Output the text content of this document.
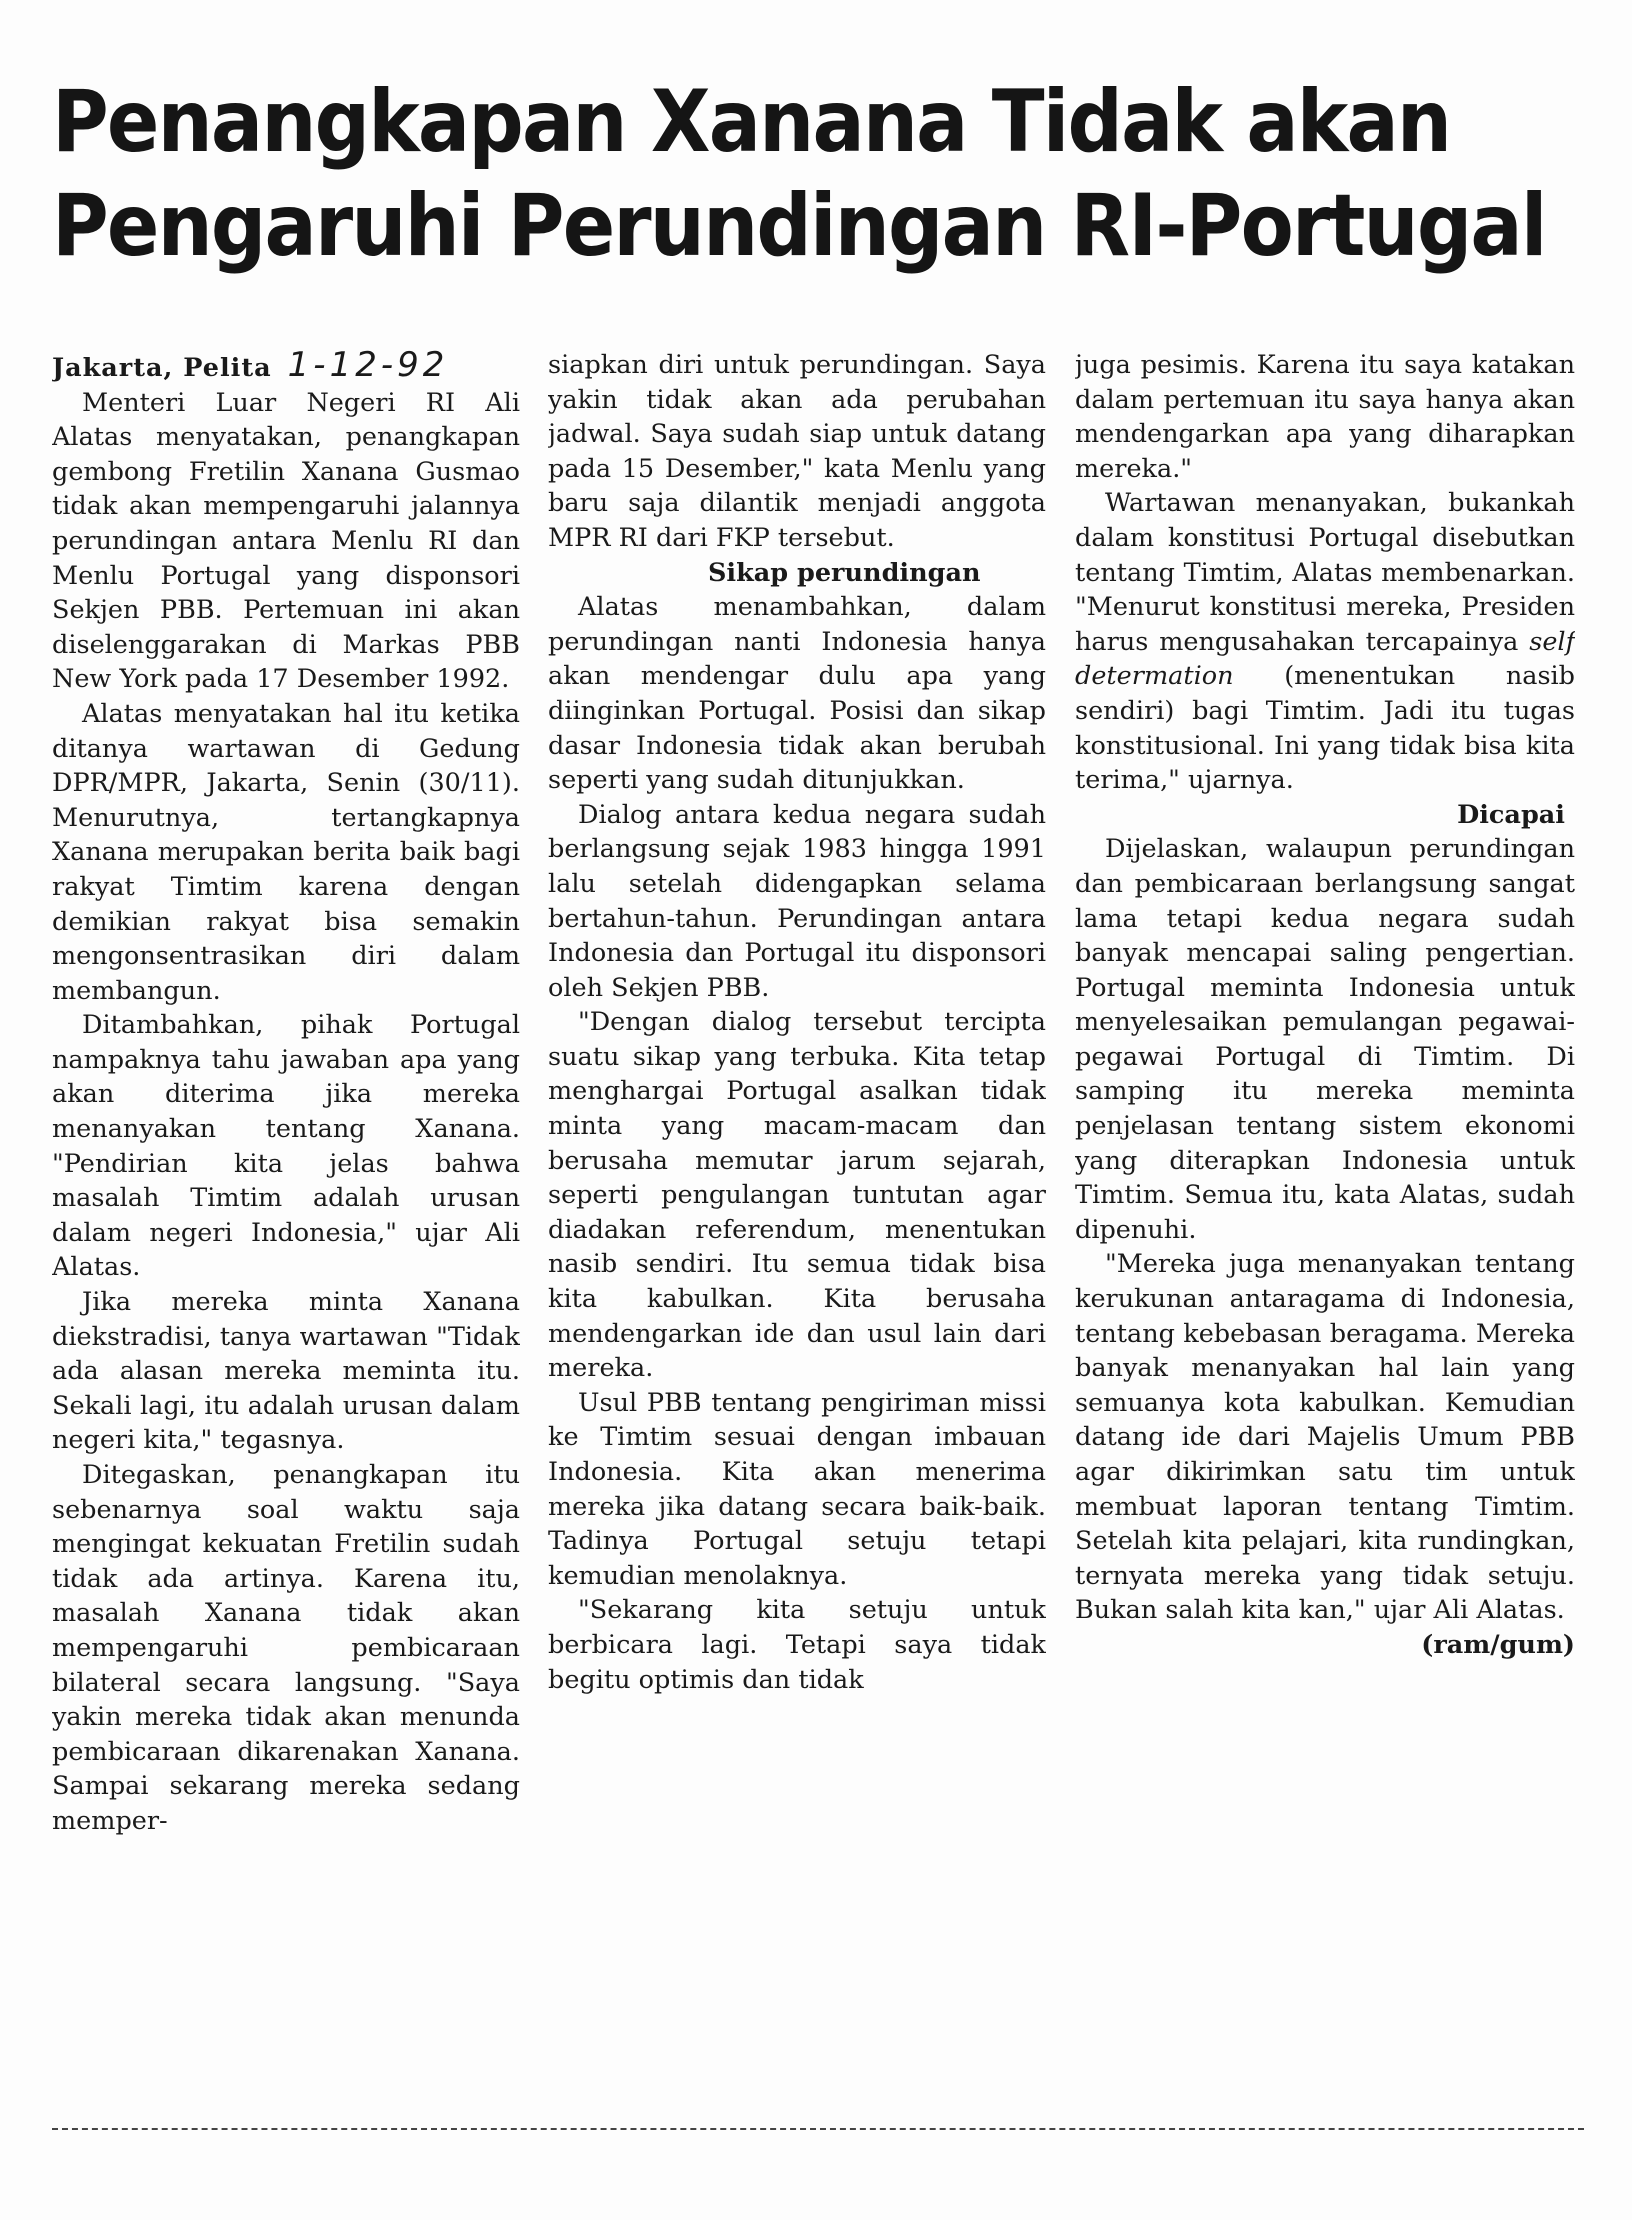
Penangkapan Xanana Tidak akan
Pengaruhi Perundingan RI-Portugal

Jakarta, Pelita 1-12-92

Menteri Luar Negeri RI Ali Alatas menyatakan, penangkapan gembong Fretilin Xanana Gusmao tidak akan mempengaruhi jalannya perundingan antara Menlu RI dan Menlu Portugal yang disponsori Sekjen PBB. Pertemuan ini akan diselenggarakan di Markas PBB New York pada 17 Desember 1992.

Alatas menyatakan hal itu ketika ditanya wartawan di Gedung DPR/MPR, Jakarta, Senin (30/11). Menurutnya, tertangkapnya Xanana merupakan berita baik bagi rakyat Timtim karena dengan demikian rakyat bisa semakin mengonsentrasikan diri dalam membangun.

Ditambahkan, pihak Portugal nampaknya tahu jawaban apa yang akan diterima jika mereka menanyakan tentang Xanana. "Pendirian kita jelas bahwa masalah Timtim adalah urusan dalam negeri Indonesia," ujar Ali Alatas.

Jika mereka minta Xanana diekstradisi, tanya wartawan "Tidak ada alasan mereka meminta itu. Sekali lagi, itu adalah urusan dalam negeri kita," tegasnya.

Ditegaskan, penangkapan itu sebenarnya soal waktu saja mengingat kekuatan Fretilin sudah tidak ada artinya. Karena itu, masalah Xanana tidak akan mempengaruhi pembicaraan bilateral secara langsung. "Saya yakin mereka tidak akan menunda pembicaraan dikarenakan Xanana. Sampai sekarang mereka sedang memper-

siapkan diri untuk perundingan. Saya yakin tidak akan ada perubahan jadwal. Saya sudah siap untuk datang pada 15 Desember," kata Menlu yang baru saja dilantik menjadi anggota MPR RI dari FKP tersebut.

Sikap perundingan

Alatas menambahkan, dalam perundingan nanti Indonesia hanya akan mendengar dulu apa yang diinginkan Portugal. Posisi dan sikap dasar Indonesia tidak akan berubah seperti yang sudah ditunjukkan.

Dialog antara kedua negara sudah berlangsung sejak 1983 hingga 1991 lalu setelah didengapkan selama bertahun-tahun. Perundingan antara Indonesia dan Portugal itu disponsori oleh Sekjen PBB.

"Dengan dialog tersebut tercipta suatu sikap yang terbuka. Kita tetap menghargai Portugal asalkan tidak minta yang macam-macam dan berusaha memutar jarum sejarah, seperti pengulangan tuntutan agar diadakan referendum, menentukan nasib sendiri. Itu semua tidak bisa kita kabulkan. Kita berusaha mendengarkan ide dan usul lain dari mereka.

Usul PBB tentang pengiriman missi ke Timtim sesuai dengan imbauan Indonesia. Kita akan menerima mereka jika datang secara baik-baik. Tadinya Portugal setuju tetapi kemudian menolaknya.

"Sekarang kita setuju untuk berbicara lagi. Tetapi saya tidak begitu optimis dan tidak

juga pesimis. Karena itu saya katakan dalam pertemuan itu saya hanya akan mendengarkan apa yang diharapkan mereka."

Wartawan menanyakan, bukankah dalam konstitusi Portugal disebutkan tentang Timtim, Alatas membenarkan. "Menurut konstitusi mereka, Presiden harus mengusahakan tercapainya self determation (menentukan nasib sendiri) bagi Timtim. Jadi itu tugas konstitusional. Ini yang tidak bisa kita terima," ujarnya.

Dicapai

Dijelaskan, walaupun perundingan dan pembicaraan berlangsung sangat lama tetapi kedua negara sudah banyak mencapai saling pengertian. Portugal meminta Indonesia untuk menyelesaikan pemulangan pegawai-pegawai Portugal di Timtim. Di samping itu mereka meminta penjelasan tentang sistem ekonomi yang diterapkan Indonesia untuk Timtim. Semua itu, kata Alatas, sudah dipenuhi.

"Mereka juga menanyakan tentang kerukunan antaragama di Indonesia, tentang kebebasan beragama. Mereka banyak menanyakan hal lain yang semuanya kota kabulkan. Kemudian datang ide dari Majelis Umum PBB agar dikirimkan satu tim untuk membuat laporan tentang Timtim. Setelah kita pelajari, kita rundingkan, ternyata mereka yang tidak setuju. Bukan salah kita kan," ujar Ali Alatas.

(ram/gum)
